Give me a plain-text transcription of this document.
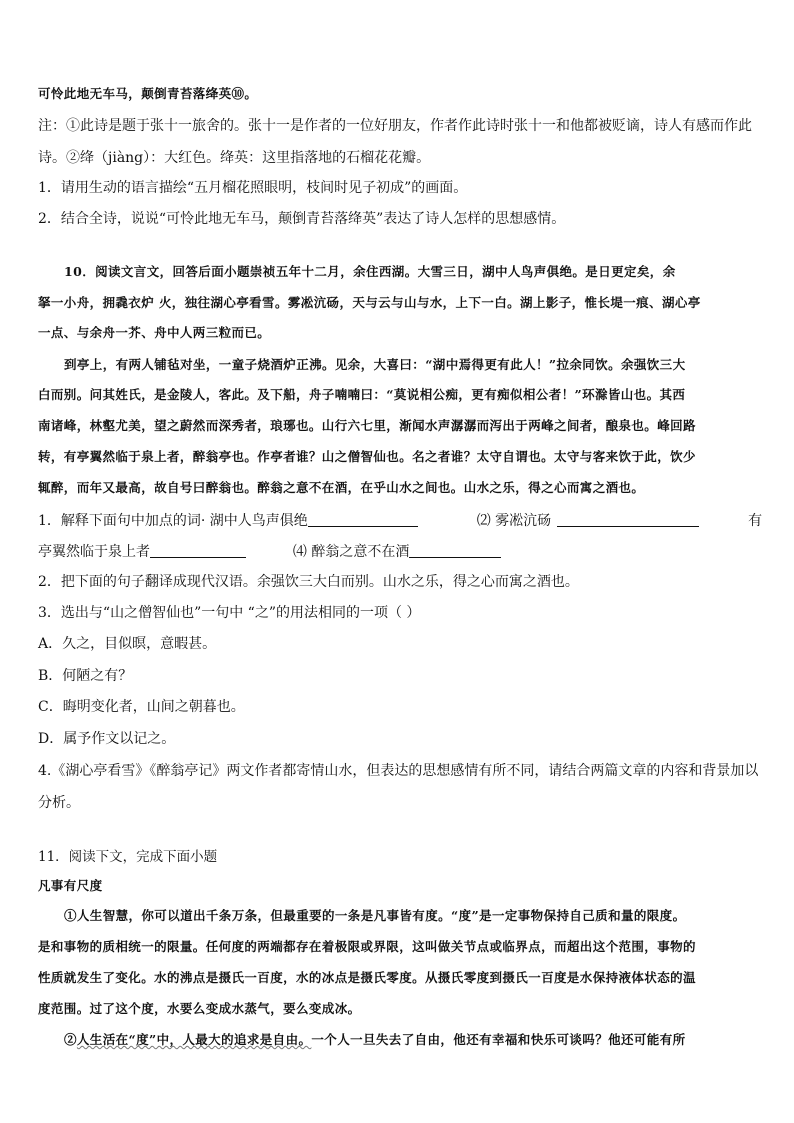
可怜此地无车马，颠倒青苔落绛英⑩。
注：①此诗是题于张十一旅舍的。张十一是作者的一位好朋友，作者作此诗时张十一和他都被贬谪，诗人有感而作此
诗。②绛（jiàng）：大红色。绛英：这里指落地的石榴花花瓣。
1．请用生动的语言描绘“五月榴花照眼明，枝间时见子初成”的画面。
2．结合全诗，说说“可怜此地无车马，颠倒青苔落绛英”表达了诗人怎样的思想感情。
10．阅读文言文，回答后面小题崇祯五年十二月，余住西湖。大雪三日，湖中人鸟声俱绝。是日更定矣，余
拏一小舟，拥毳衣炉 火，独往湖心亭看雪。雾凇沆砀，天与云与山与水，上下一白。湖上影子，惟长堤一痕、湖心亭
一点、与余舟一芥、舟中人两三粒而已。
到亭上，有两人铺毡对坐，一童子烧酒炉正沸。见余，大喜曰：“湖中焉得更有此人！”拉余同饮。余强饮三大
白而别。问其姓氏，是金陵人，客此。及下船，舟子喃喃曰：“莫说相公痴，更有痴似相公者！”环滁皆山也。其西
南诸峰，林壑尤美，望之蔚然而深秀者，琅琊也。山行六七里，渐闻水声潺潺而泻出于两峰之间者，酿泉也。峰回路
转，有亭翼然临于泉上者，醉翁亭也。作亭者谁？山之僧智仙也。名之者谁？太守自谓也。太守与客来饮于此，饮少
辄醉，而年又最高，故自号曰醉翁也。醉翁之意不在酒，在乎山水之间也。山水之乐，得之心而寓之酒也。
1．解释下面句中加点的词· 湖中人鸟声俱绝	⑵ 雾凇沆砀	有
亭翼然临于泉上者	⑷ 醉翁之意不在酒
2．把下面的句子翻译成现代汉语。余强饮三大白而别。山水之乐，得之心而寓之酒也。
3．选出与“山之僧智仙也”一句中 “之”的用法相同的一项（ ）
A．久之，目似暝，意暇甚。
B．何陋之有？
C．晦明变化者，山间之朝暮也。
D．属予作文以记之。
4.《湖心亭看雪》《醉翁亭记》两文作者都寄情山水，但表达的思想感情有所不同，请结合两篇文章的内容和背景加以
分析。
11．阅读下文，完成下面小题
凡事有尺度
①人生智慧，你可以道出千条万条，但最重要的一条是凡事皆有度。“度”是一定事物保持自己质和量的限度。
是和事物的质相统一的限量。任何度的两端都存在着极限或界限，这叫做关节点或临界点，而超出这个范围，事物的
性质就发生了变化。水的沸点是摄氏一百度，水的冰点是摄氏零度。从摄氏零度到摄氏一百度是水保持液体状态的温
度范围。过了这个度，水要么变成水蒸气，要么变成冰。
②人生活在“度”中，人最大的追求是自由。一个人一旦失去了自由，他还有幸福和快乐可谈吗？他还可能有所
